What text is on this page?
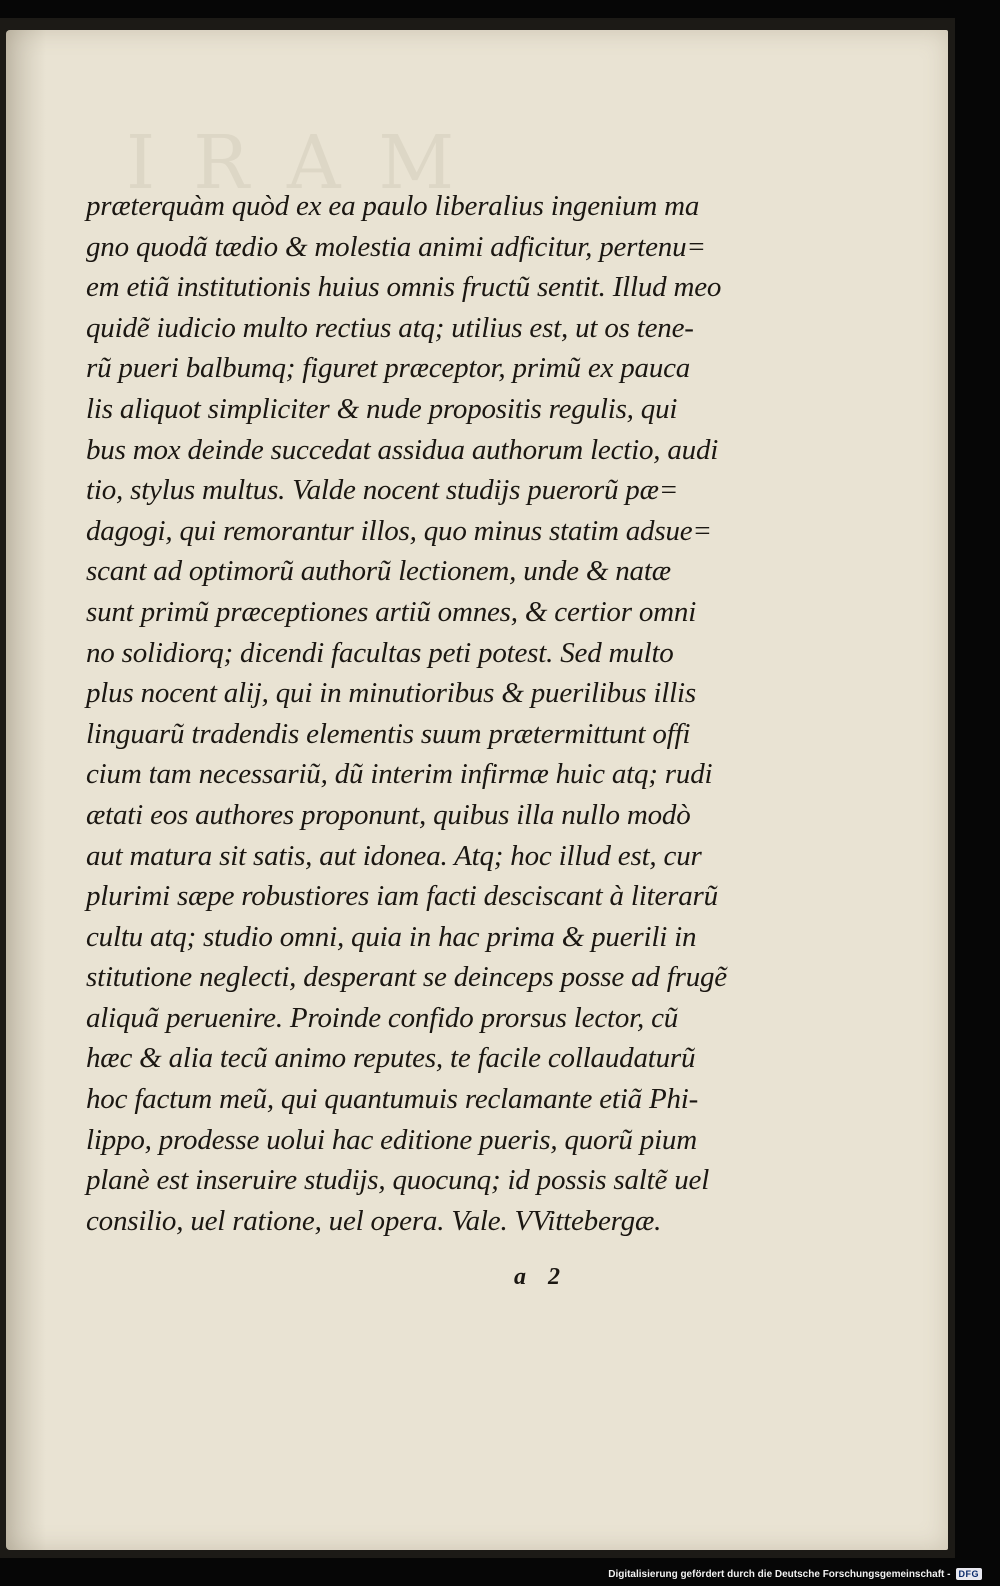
IRAM
præterquàm quòd ex ea paulo liberalius ingenium ma
gno quodã tædio & molestia animi adficitur, pertenu=
em etiã institutionis huius omnis fructũ sentit. Illud meo
quidẽ iudicio multo rectius atq; utilius est, ut os tene-
rũ pueri balbumq; figuret præceptor, primũ ex pauca
lis aliquot simpliciter & nude propositis regulis, qui
bus mox deinde succedat assidua authorum lectio, audi
tio, stylus multus. Valde nocent studijs puerorũ pæ=
dagogi, qui remorantur illos, quo minus statim adsue=
scant ad optimorũ authorũ lectionem, unde & natæ
sunt primũ præceptiones artiũ omnes, & certior omni
no solidiorq; dicendi facultas peti potest. Sed multo
plus nocent alij, qui in minutioribus & puerilibus illis
linguarũ tradendis elementis suum prætermittunt offi
cium tam necessariũ, dũ interim infirmæ huic atq; rudi
ætati eos authores proponunt, quibus illa nullo modò
aut matura sit satis, aut idonea. Atq; hoc illud est, cur
plurimi sæpe robustiores iam facti desciscant à literarũ
cultu atq; studio omni, quia in hac prima & puerili in
stitutione neglecti, desperant se deinceps posse ad frugẽ
aliquã peruenire. Proinde confido prorsus lector, cũ
hæc & alia tecũ animo reputes, te facile collaudaturũ
hoc factum meũ, qui quantumuis reclamante etiã Phi-
lippo, prodesse uolui hac editione pueris, quorũ pium
planè est inseruire studijs, quocunq; id possis saltẽ uel
consilio, uel ratione, uel opera. Vale. VVittebergæ.
a 2
Digitalisierung gefördert durch die Deutsche Forschungsgemeinschaft - DFG
